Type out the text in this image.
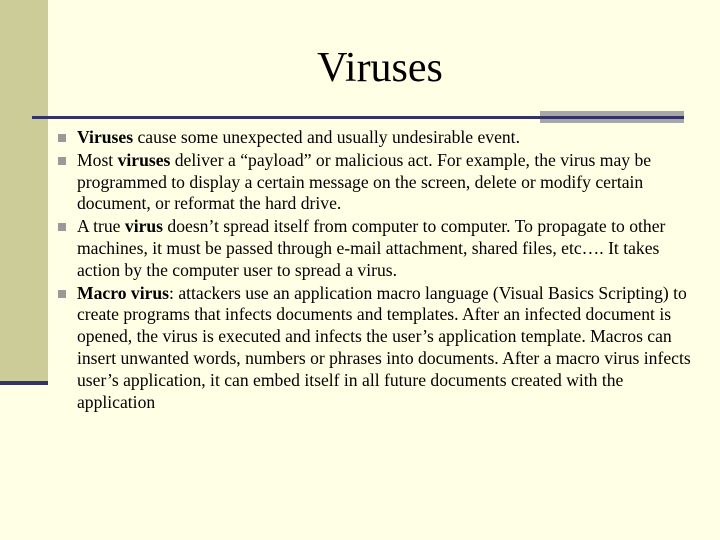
Viruses
Viruses cause some unexpected and usually undesirable event.
Most viruses deliver a “payload” or malicious act. For example, the virus may be programmed to display a certain message on the screen, delete or modify certain document, or reformat the hard drive.
A true virus doesn’t spread itself from computer to computer. To propagate to other machines, it must be passed through e-mail attachment, shared files, etc…. It takes action by the computer user to spread a virus.
Macro virus: attackers use an application macro language (Visual Basics Scripting) to create programs that infects documents and templates. After an infected document is opened, the virus is executed and infects the user’s application template. Macros can insert unwanted words, numbers or phrases into documents. After a macro virus infects user’s application, it can embed itself in all future documents created with the application
